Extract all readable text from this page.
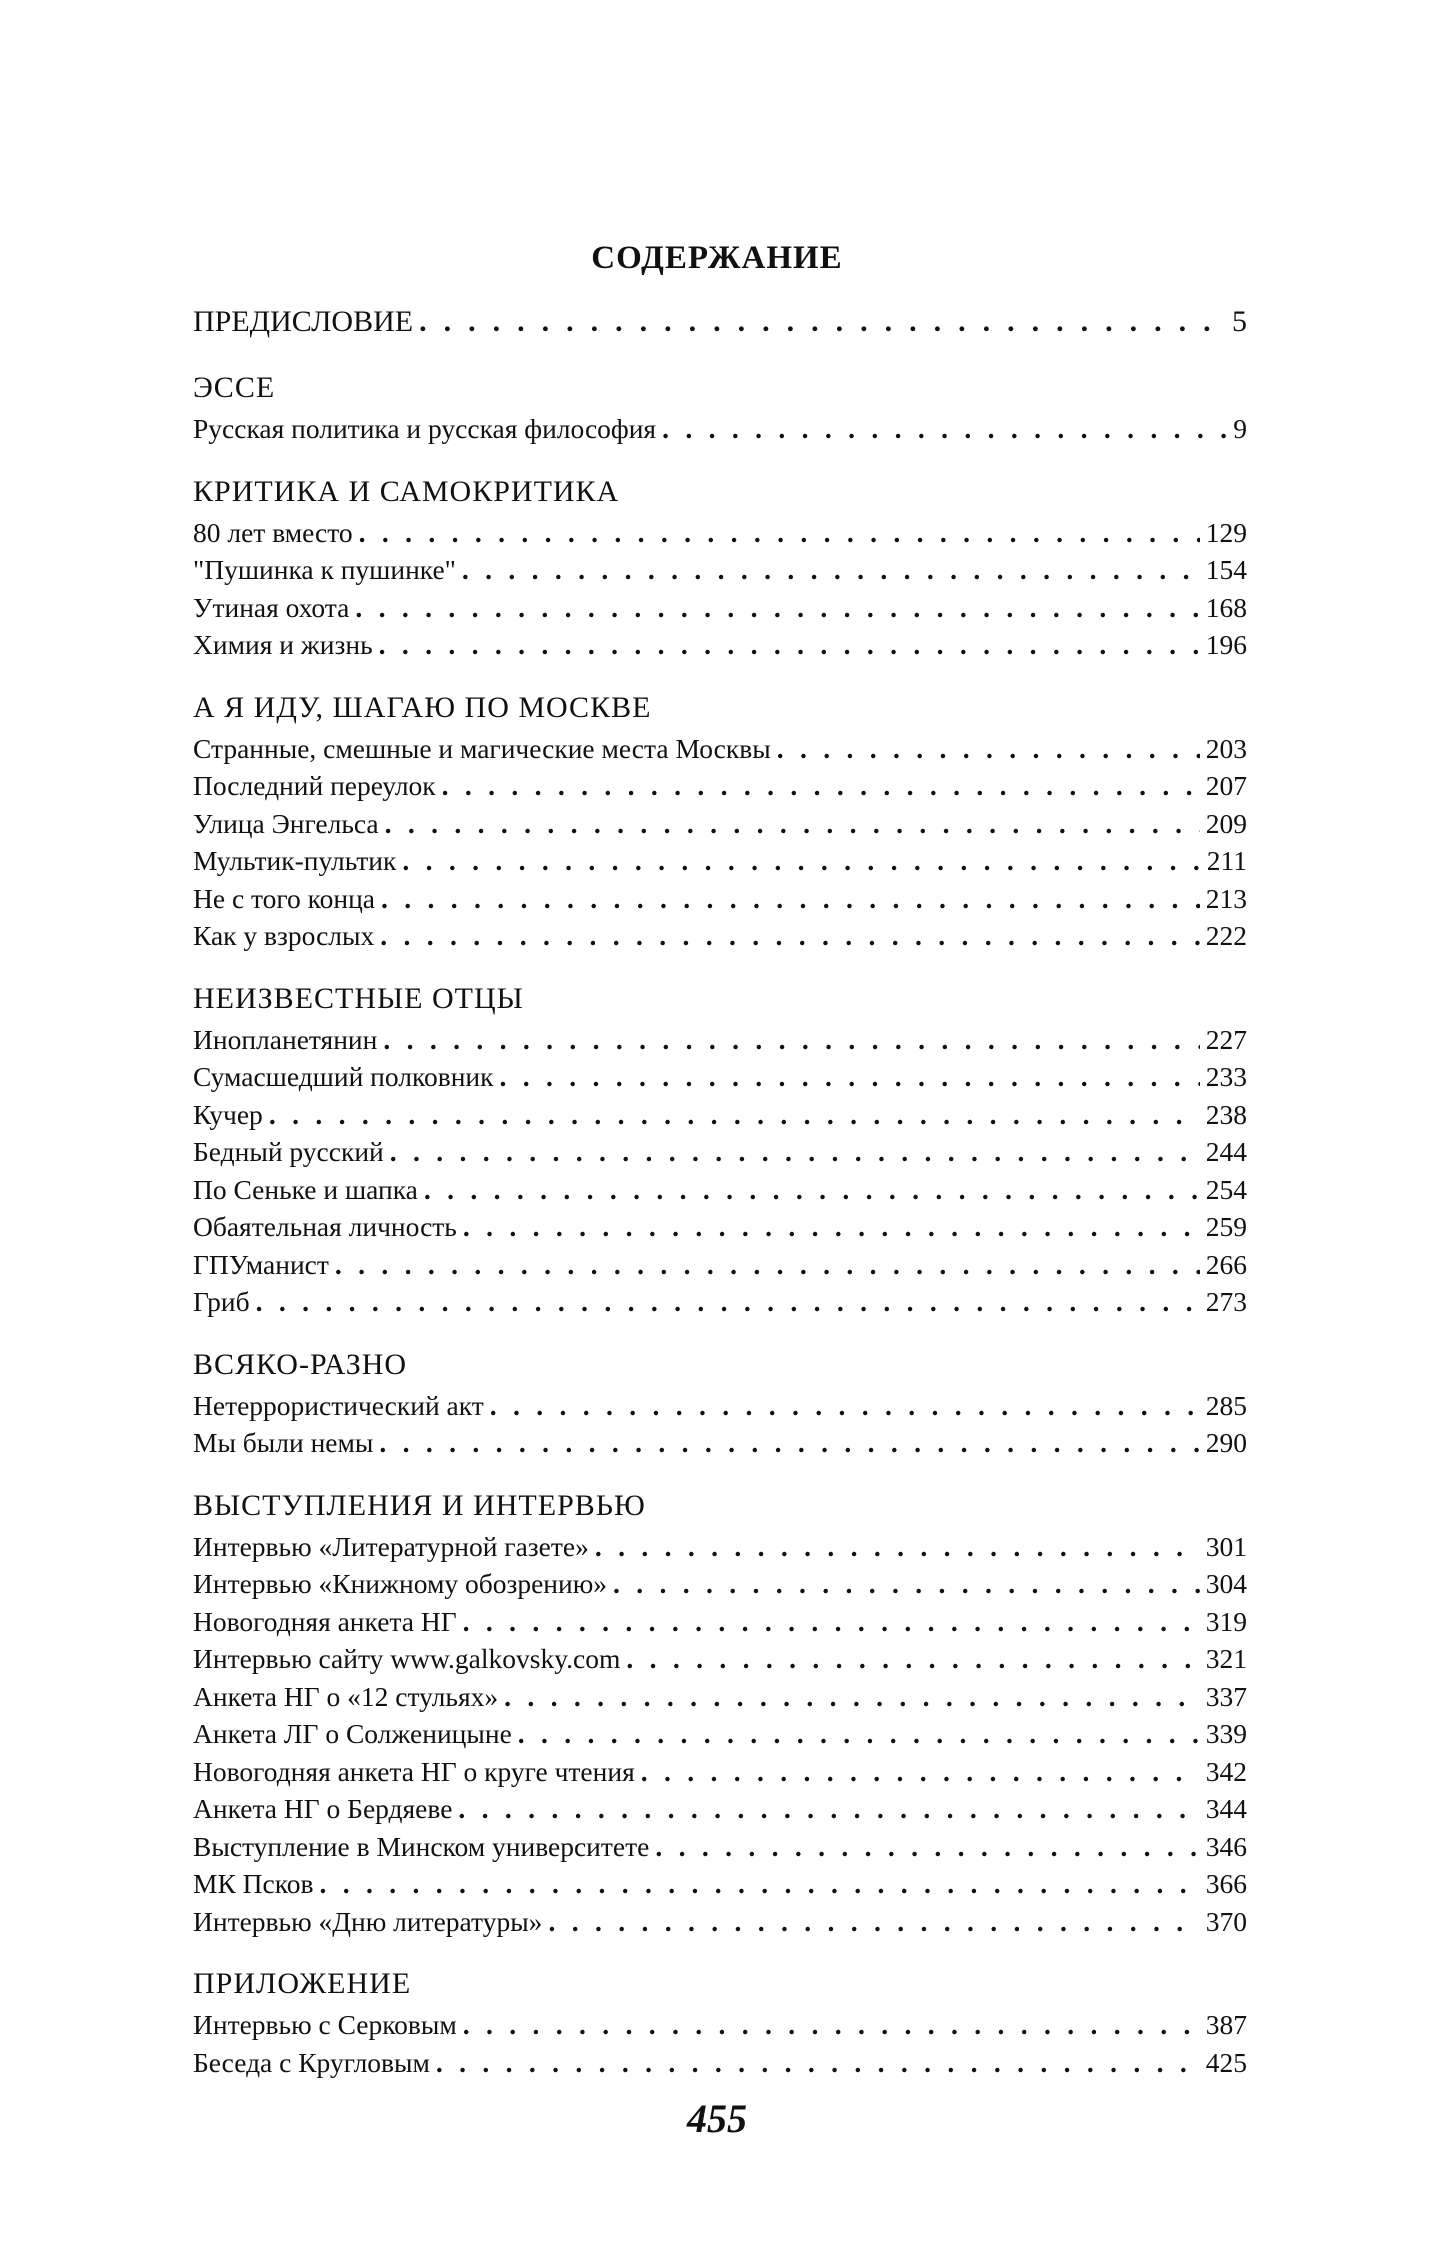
СОДЕРЖАНИЕ
ПРЕДИСЛОВИЕ . . .	5
ЭССЕ
Русская политика и русская философия . . .	9
КРИТИКА И САМОКРИТИКА
80 лет вместо . . .	129
"Пушинка к пушинке" . . .	154
Утиная охота . . .	168
Химия и жизнь . . .	196
А Я ИДУ, ШАГАЮ ПО МОСКВЕ
Странные, смешные и магические места Москвы . . .	203
Последний переулок . . .	207
Улица Энгельса . . .	209
Мультик-пультик . . .	211
Не с того конца . . .	213
Как у взрослых . . .	222
НЕИЗВЕСТНЫЕ ОТЦЫ
Инопланетянин . . .	227
Сумасшедший полковник . . .	233
Кучер . . .	238
Бедный русский . . .	244
По Сеньке и шапка . . .	254
Обаятельная личность . . .	259
ГПУманист . . .	266
Гриб . . .	273
ВСЯКО-РАЗНО
Нетеррористический акт . . .	285
Мы были немы . . .	290
ВЫСТУПЛЕНИЯ И ИНТЕРВЬЮ
Интервью «Литературной газете» . . .	301
Интервью «Книжному обозрению» . . .	304
Новогодняя анкета НГ . . .	319
Интервью сайту www.galkovsky.com . . .	321
Анкета НГ о «12 стульях» . . .	337
Анкета ЛГ о Солженицыне . . .	339
Новогодняя анкета НГ о круге чтения . . .	342
Анкета НГ о Бердяеве . . .	344
Выступление в Минском университете . . .	346
МК Псков . . .	366
Интервью «Дню литературы» . . .	370
ПРИЛОЖЕНИЕ
Интервью с Серковым . . .	387
Беседа с Кругловым . . .	425
455
